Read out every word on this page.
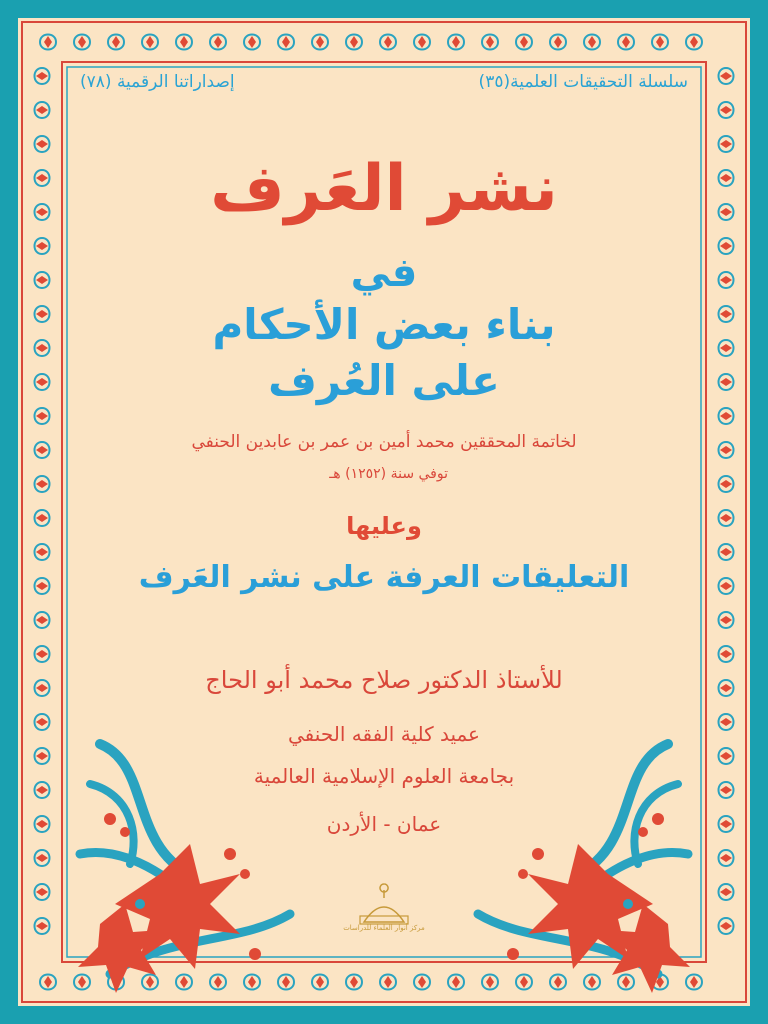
سلسلة التحقيقات العلمية(٣٥)
إصداراتنا الرقمية (٧٨)
نشر العَرف
في
بناء بعض الأحكام
على العُرف
لخاتمة المحققين محمد أمين بن عمر بن عابدين الحنفي
توفي سنة (١٢٥٢) هـ
وعليها
التعليقات العرفة على نشر العَرف
للأستاذ الدكتور صلاح محمد أبو الحاج
عميد كلية الفقه الحنفي
بجامعة العلوم الإسلامية العالمية
عمان - الأردن
مركز أنوار العلماء للدراسات
